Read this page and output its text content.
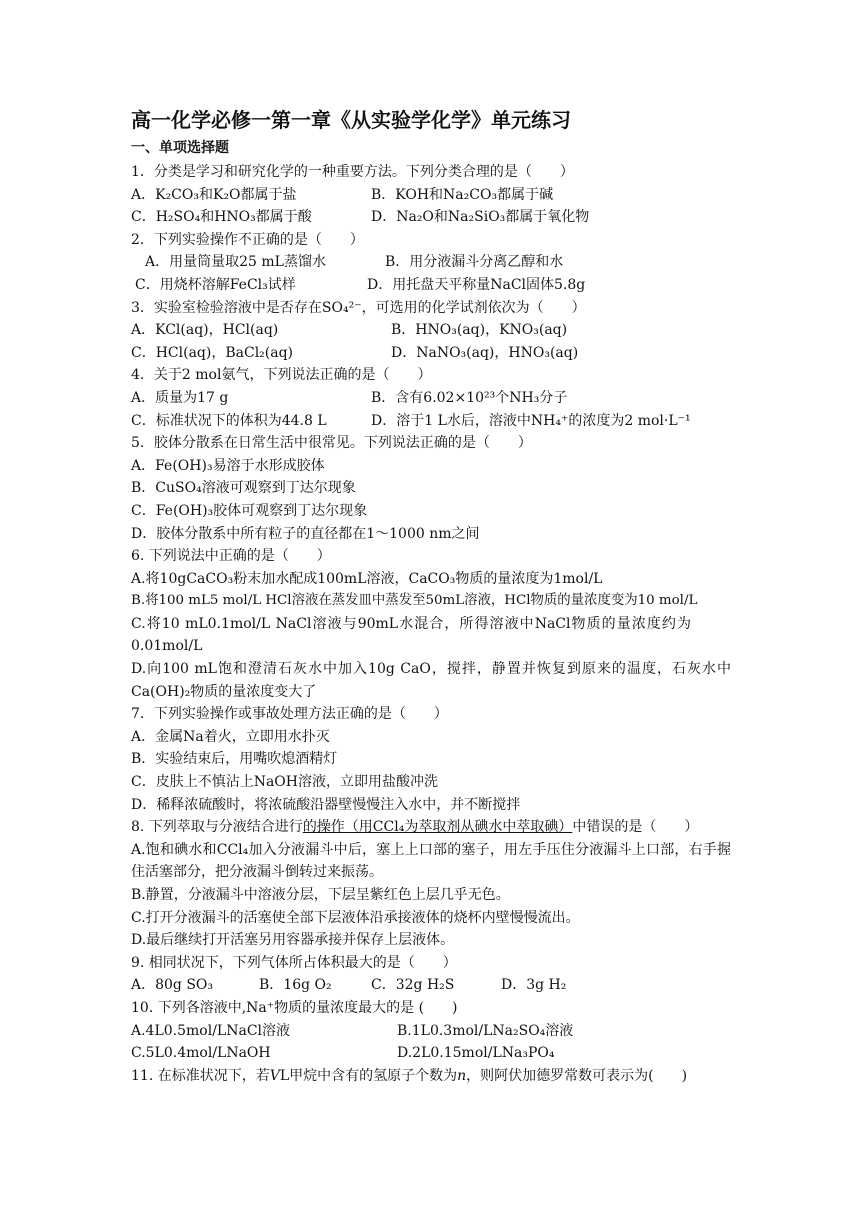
高一化学必修一第一章《从实验学化学》单元练习
一、单项选择题
1．分类是学习和研究化学的一种重要方法。下列分类合理的是（　　）
A．K₂CO₃和K₂O都属于盐	B．KOH和Na₂CO₃都属于碱
C．H₂SO₄和HNO₃都属于酸	D．Na₂O和Na₂SiO₃都属于氧化物
2．下列实验操作不正确的是（　　）
A．用量筒量取25 mL蒸馏水	B．用分液漏斗分离乙醇和水
C．用烧杯溶解FeCl₃试样	D．用托盘天平称量NaCl固体5.8g
3．实验室检验溶液中是否存在SO₄²⁻，可选用的化学试剂依次为（　　）
A．KCl(aq)，HCl(aq)	B．HNO₃(aq)，KNO₃(aq)
C．HCl(aq)，BaCl₂(aq)	D．NaNO₃(aq)，HNO₃(aq)
4．关于2 mol氨气，下列说法正确的是（　　）
A．质量为17 g	B．含有6.02×10²³个NH₃分子
C．标准状况下的体积为44.8 L	D．溶于1 L水后，溶液中NH₄⁺的浓度为2 mol·L⁻¹
5．胶体分散系在日常生活中很常见。下列说法正确的是（　　）
A．Fe(OH)₃易溶于水形成胶体
B．CuSO₄溶液可观察到丁达尔现象
C．Fe(OH)₃胶体可观察到丁达尔现象
D．胶体分散系中所有粒子的直径都在1～1000 nm之间
6. 下列说法中正确的是（　　）
A.将10gCaCO₃粉末加水配成100mL溶液，CaCO₃物质的量浓度为1mol/L
B.将100 mL5 mol/L HCl溶液在蒸发皿中蒸发至50mL溶液，HCl物质的量浓度变为10 mol/L
C.将10 mL0.1mol/L NaCl溶液与90mL水混合，所得溶液中NaCl物质的量浓度约为0.01mol/L
D.向100 mL饱和澄清石灰水中加入10g CaO，搅拌，静置并恢复到原来的温度，石灰水中Ca(OH)₂物质的量浓度变大了
7．下列实验操作或事故处理方法正确的是（　　）
A．金属Na着火，立即用水扑灭
B．实验结束后，用嘴吹熄酒精灯
C．皮肤上不慎沾上NaOH溶液，立即用盐酸冲洗
D．稀释浓硫酸时，将浓硫酸沿器壁慢慢注入水中，并不断搅拌
8. 下列萃取与分液结合进行的操作（用CCl₄为萃取剂从碘水中萃取碘）中错误的是（　　）
A.饱和碘水和CCl₄加入分液漏斗中后，塞上上口部的塞子，用左手压住分液漏斗上口部，右手握住活塞部分，把分液漏斗倒转过来振荡。
B.静置，分液漏斗中溶液分层，下层呈紫红色上层几乎无色。
C.打开分液漏斗的活塞使全部下层液体沿承接液体的烧杯内壁慢慢流出。
D.最后继续打开活塞另用容器承接并保存上层液体。
9. 相同状况下，下列气体所占体积最大的是（　　）
A．80g SO₃	B．16g O₂	C．32g H₂S	D．3g H₂
10. 下列各溶液中,Na⁺物质的量浓度最大的是 (　　)
A.4L0.5mol/LNaCl溶液	B.1L0.3mol/LNa₂SO₄溶液
C.5L0.4mol/LNaOH	D.2L0.15mol/LNa₃PO₄
11. 在标准状况下，若VL甲烷中含有的氢原子个数为n，则阿伏加德罗常数可表示为(　　)
